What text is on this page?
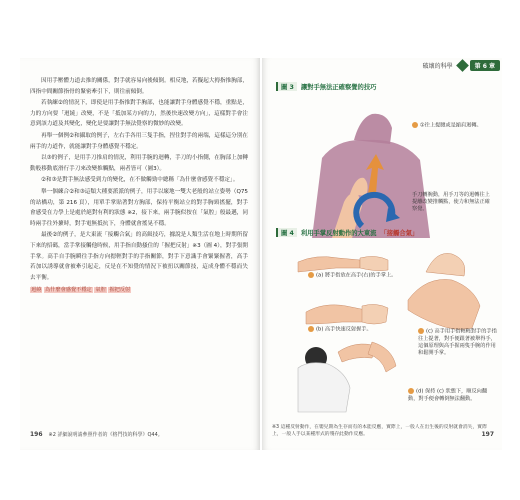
因用手壓體力道去推的關係，對手就容易向後傾倒。相反地，若擬起大拇指推胸部，四指中間關節指骨的緊密牽引下，則往前傾倒。

若執練②的情況下，即使是用手指推對手胸部，也能讓對手身體感覺不穩，重點是，力的方向要「迴繞」改變，不是「抵加某方向的力，然後快速改變方向」，這樣對手會注意到該力道及其變化，變化是要讓對手無法覺察的微妙的改變。

再舉一個例②和攝取的例子，左右手各用三隻手指，捏住對手的兩端，這樣這分別在兩手的力道作，就能讓對手身體感覺不穩定。

以③的例子，是用手刀推肩的情況，利用手腕的迴轉，手刀的小指側，在胸部上加轉動般移動底滑行手刀來改變推觸點，兩者皆可（圖3）。

②和③是對手無法感受到力的變化，在不做觸勁中總稱「為什麼會感覺不穩定」。

舉一個練合②和③這類大種要派派的例子，用手以壞地一雙大老般的站立姿勢（Q75的站橋功，第 216 頁），用單手掌貼著對方胸部，保持平衡站立的對手胸頸搖擺，對手會感受在力學上是處於絕對有利的狀態 ※2，接下來，兩手腕似按在「氣腔」般最邁，同時兩手往外擴時，對手電無抵抗下，身體就會搖晃不穩。

最後②的例子，是大東流「接觸合氣」的高級技巧，據說是人類生活在地上時期所留下來的招碼，當手掌接觸他時候，用手指自動搔住的「握把反射」※3（圖 4），對手張開手掌。高手自手腕瞬往手指方向摁輕對手的手指關節，對手下意識手會緊緊握著，高手若加以誘導就會被牽引起走，反是在不知覺的情況下被扭以關節技，這成身體不穩而失去平衡。

迴繞 為什麼會感覺不穩定 氣腔 握把反射
196 ※2 詳細說明請參照作者的《格鬥技的科學》Q44。
圖 3	讓對手無法正確察覺的技巧
①往上提腰或是縮肩迴轉。
手刀轉腕動，用手刀等的迴轉往上提離改變推觸點，使力和無法正確察覺。
圖 4	利用手掌反射動作的大東流 「接觸合氣」
(a) 將手指放在高手(右)的手掌上。
(b) 高手快速反射握手。	(c) 高手用手指輕輕對手的手指往上提著，對手便跟著被舉得手，這個原理與高手握兩隻手腕的作用和鬆開手掌。
(d) 保持 (c) 狀態下，順反向翻動，對手便會轉倒無法翻動。
※3 這種反射動作，在嬰兒期為生存而有的本能反應，實際上，一般人在出生後的反射就會消失，實際上，一般人手以某種形式的殘存此動作反應。	197
破壞的科學	第 6 章
